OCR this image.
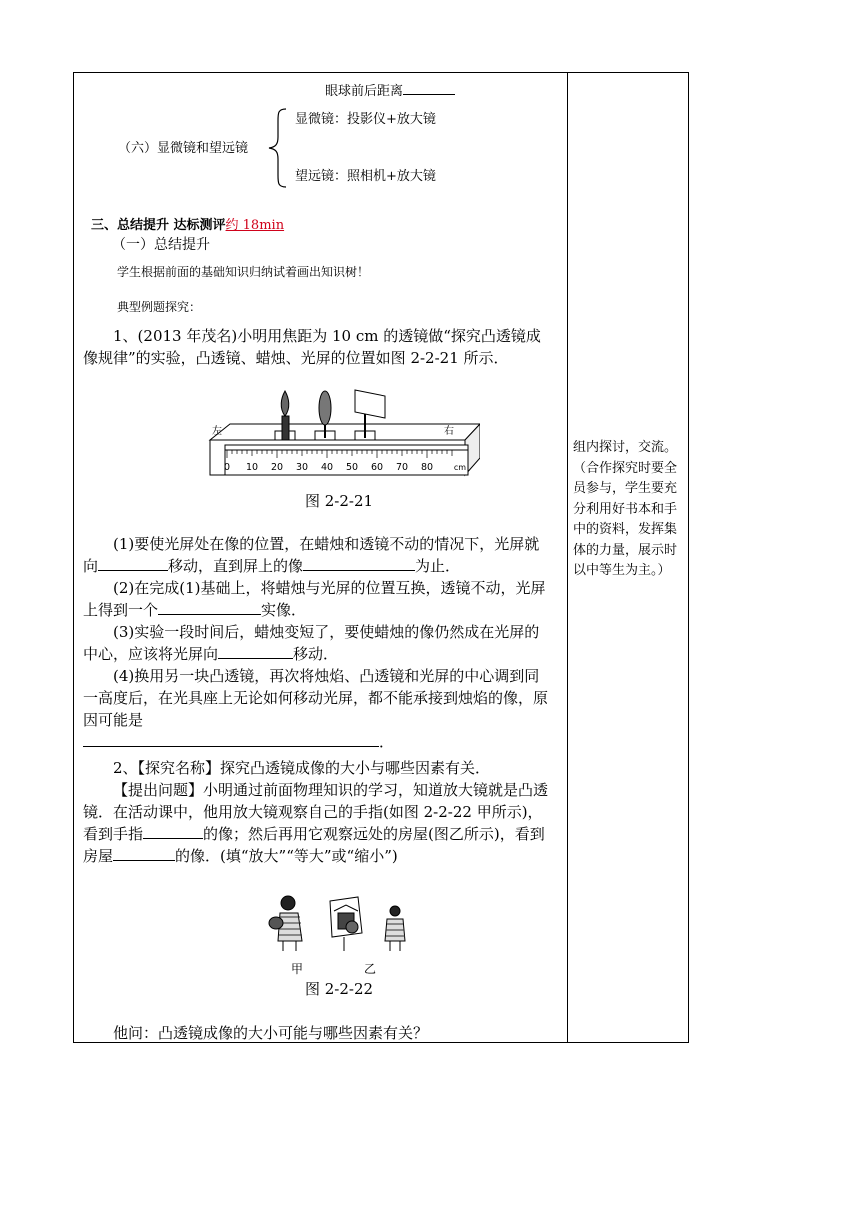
眼球前后距离
显微镜：投影仪+放大镜
（六）显微镜和望远镜
望远镜：照相机+放大镜
三、总结提升 达标测评约 18min
（一）总结提升
学生根据前面的基础知识归纳试着画出知识树！
典型例题探究：
1、(2013 年茂名)小明用焦距为 10 cm 的透镜做“探究凸透镜成像规律”的实验，凸透镜、蜡烛、光屏的位置如图 2-2-21 所示．
0 10 20 30 40 50 60 70 80	cm
左	右
图 2-2-21
(1)要使光屏处在像的位置，在蜡烛和透镜不动的情况下，光屏就向	移动，直到屏上的像	为止．
(2)在完成(1)基础上，将蜡烛与光屏的位置互换，透镜不动，光屏上得到一个	实像．
(3)实验一段时间后，蜡烛变短了，要使蜡烛的像仍然成在光屏的中心，应该将光屏向	移动．
(4)换用另一块凸透镜，再次将烛焰、凸透镜和光屏的中心调到同一高度后，在光具座上无论如何移动光屏，都不能承接到烛焰的像，原因可能是
．
2、【探究名称】探究凸透镜成像的大小与哪些因素有关．
【提出问题】小明通过前面物理知识的学习，知道放大镜就是凸透镜．在活动课中，他用放大镜观察自己的手指(如图 2-2-22 甲所示)，看到手指	的像；然后再用它观察远处的房屋(图乙所示)，看到房屋	的像．(填“放大”“等大”或“缩小”)
甲	乙
图 2-2-22
他问：凸透镜成像的大小可能与哪些因素有关？
组内探讨，交流。（合作探究时要全员参与，学生要充分利用好书本和手中的资料，发挥集体的力量，展示时以中等生为主。）
